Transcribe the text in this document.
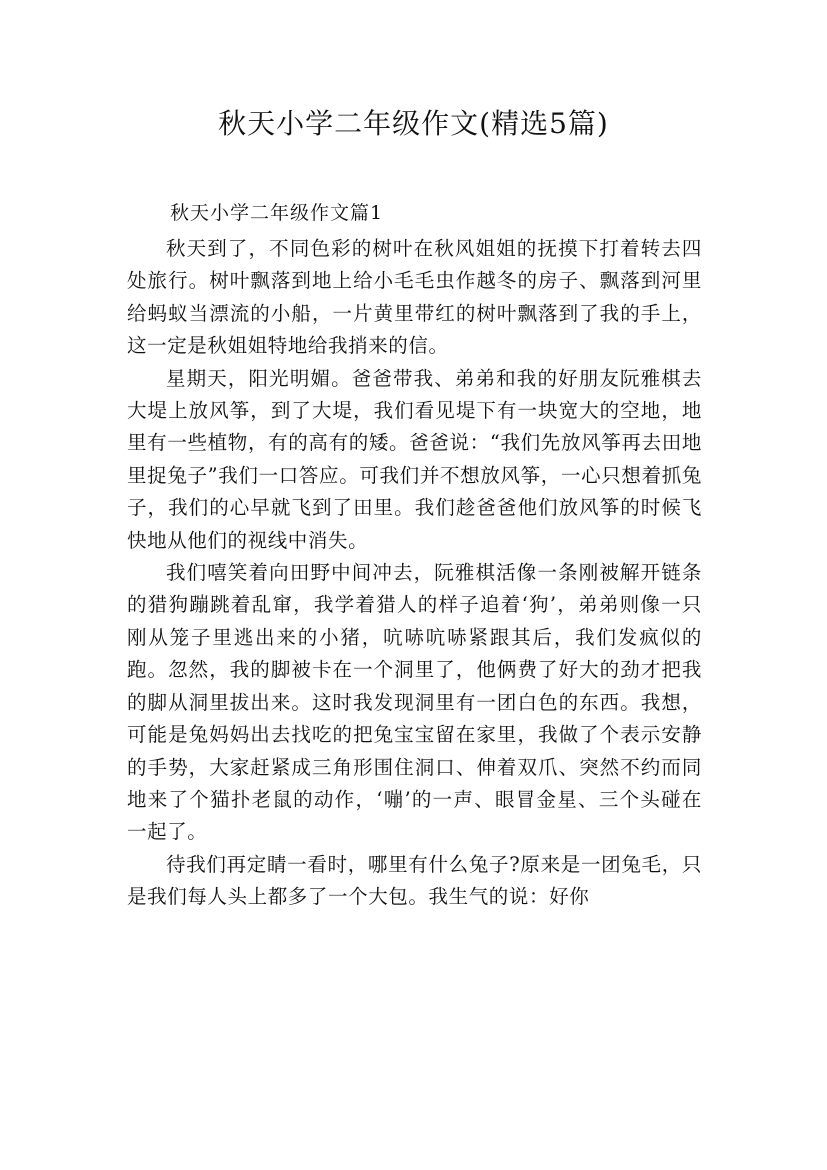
秋天小学二年级作文(精选5篇)
秋天小学二年级作文篇1

秋天到了，不同色彩的树叶在秋风姐姐的抚摸下打着转去四处旅行。树叶飘落到地上给小毛毛虫作越冬的房子、飘落到河里给蚂蚁当漂流的小船，一片黄里带红的树叶飘落到了我的手上，这一定是秋姐姐特地给我捎来的信。

星期天，阳光明媚。爸爸带我、弟弟和我的好朋友阮雅棋去大堤上放风筝，到了大堤，我们看见堤下有一块宽大的空地，地里有一些植物，有的高有的矮。爸爸说：“我们先放风筝再去田地里捉兔子”我们一口答应。可我们并不想放风筝，一心只想着抓兔子，我们的心早就飞到了田里。我们趁爸爸他们放风筝的时候飞快地从他们的视线中消失。

我们嘻笑着向田野中间冲去，阮雅棋活像一条刚被解开链条的猎狗蹦跳着乱窜，我学着猎人的样子追着‘狗’，弟弟则像一只刚从笼子里逃出来的小猪，吭哧吭哧紧跟其后，我们发疯似的跑。忽然，我的脚被卡在一个洞里了，他俩费了好大的劲才把我的脚从洞里拔出来。这时我发现洞里有一团白色的东西。我想，可能是兔妈妈出去找吃的把兔宝宝留在家里，我做了个表示安静的手势，大家赶紧成三角形围住洞口、伸着双爪、突然不约而同地来了个猫扑老鼠的动作，‘嘣’的一声、眼冒金星、三个头碰在一起了。

待我们再定睛一看时，哪里有什么兔子?原来是一团兔毛，只是我们每人头上都多了一个大包。我生气的说：好你
